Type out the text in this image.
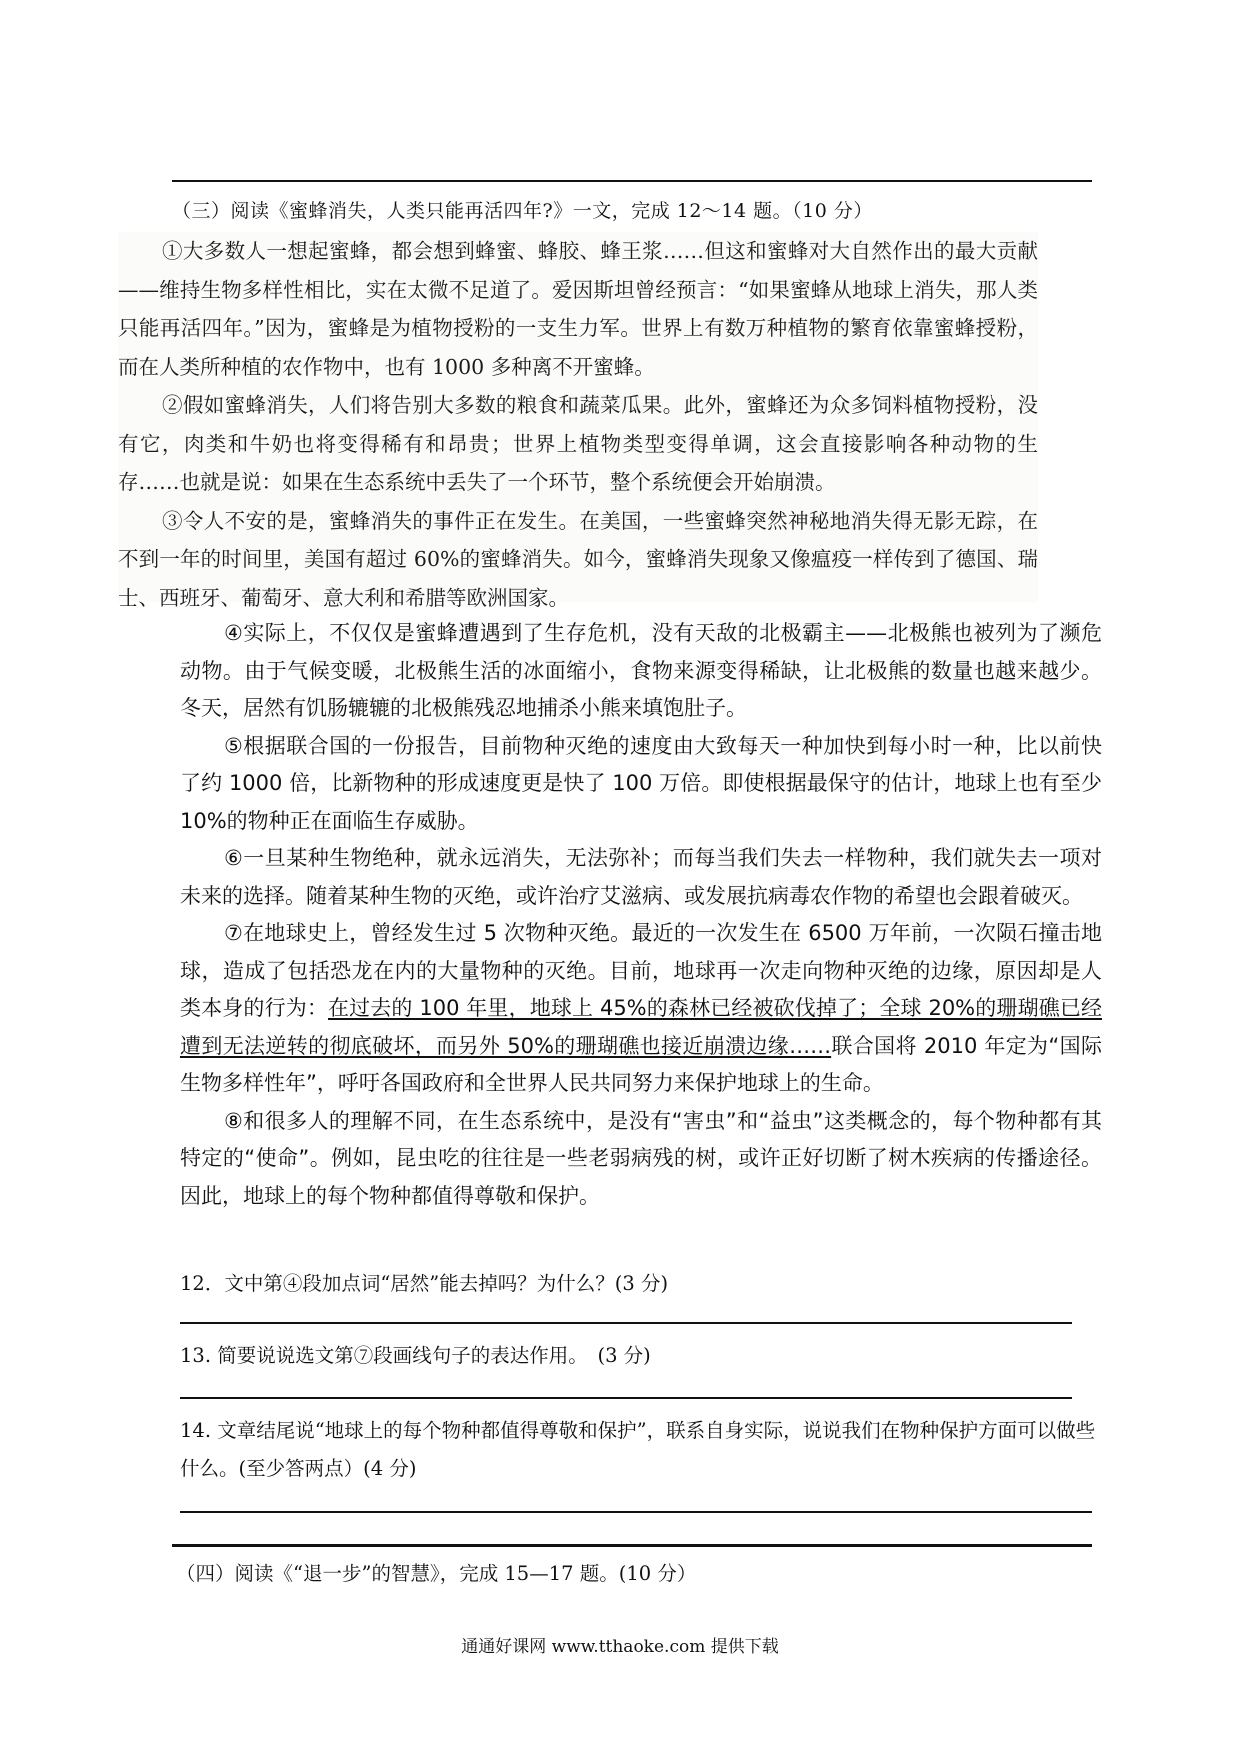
（三）阅读《蜜蜂消失，人类只能再活四年?》一文，完成 12～14 题。（10 分）

①大多数人一想起蜜蜂，都会想到蜂蜜、蜂胶、蜂王浆……但这和蜜蜂对大自然作出的最大贡献——维持生物多样性相比，实在太微不足道了。爱因斯坦曾经预言：“如果蜜蜂从地球上消失，那人类只能再活四年。”因为，蜜蜂是为植物授粉的一支生力军。世界上有数万种植物的繁育依靠蜜蜂授粉，而在人类所种植的农作物中，也有 1000 多种离不开蜜蜂。

②假如蜜蜂消失，人们将告别大多数的粮食和蔬菜瓜果。此外，蜜蜂还为众多饲料植物授粉，没有它，肉类和牛奶也将变得稀有和昂贵；世界上植物类型变得单调，这会直接影响各种动物的生存……也就是说：如果在生态系统中丢失了一个环节，整个系统便会开始崩溃。

③令人不安的是，蜜蜂消失的事件正在发生。在美国，一些蜜蜂突然神秘地消失得无影无踪，在不到一年的时间里，美国有超过 60%的蜜蜂消失。如今，蜜蜂消失现象又像瘟疫一样传到了德国、瑞士、西班牙、葡萄牙、意大利和希腊等欧洲国家。

④实际上，不仅仅是蜜蜂遭遇到了生存危机，没有天敌的北极霸主——北极熊也被列为了濒危动物。由于气候变暖，北极熊生活的冰面缩小，食物来源变得稀缺，让北极熊的数量也越来越少。冬天，居然有饥肠辘辘的北极熊残忍地捕杀小熊来填饱肚子。

⑤根据联合国的一份报告，目前物种灭绝的速度由大致每天一种加快到每小时一种，比以前快了约 1000 倍，比新物种的形成速度更是快了 100 万倍。即使根据最保守的估计，地球上也有至少 10%的物种正在面临生存威胁。

⑥一旦某种生物绝种，就永远消失，无法弥补；而每当我们失去一样物种，我们就失去一项对未来的选择。随着某种生物的灭绝，或许治疗艾滋病、或发展抗病毒农作物的希望也会跟着破灭。

⑦在地球史上，曾经发生过 5 次物种灭绝。最近的一次发生在 6500 万年前，一次陨石撞击地球，造成了包括恐龙在内的大量物种的灭绝。目前，地球再一次走向物种灭绝的边缘，原因却是人类本身的行为：在过去的 100 年里，地球上 45%的森林已经被砍伐掉了；全球 20%的珊瑚礁已经遭到无法逆转的彻底破坏，而另外 50%的珊瑚礁也接近崩溃边缘……联合国将 2010 年定为“国际生物多样性年”，呼吁各国政府和全世界人民共同努力来保护地球上的生命。

⑧和很多人的理解不同，在生态系统中，是没有“害虫”和“益虫”这类概念的，每个物种都有其特定的“使命”。例如，昆虫吃的往往是一些老弱病残的树，或许正好切断了树木疾病的传播途径。因此，地球上的每个物种都值得尊敬和保护。

12．文中第④段加点词“居然”能去掉吗？为什么？(3 分)
13. 简要说说选文第⑦段画线句子的表达作用。　(3 分)
14. 文章结尾说“地球上的每个物种都值得尊敬和保护”，联系自身实际，说说我们在物种保护方面可以做些什么。(至少答两点）(4 分)
（四）阅读《“退一步”的智慧》，完成 15—17 题。(10 分）
通通好课网 www.tthaoke.com 提供下载
